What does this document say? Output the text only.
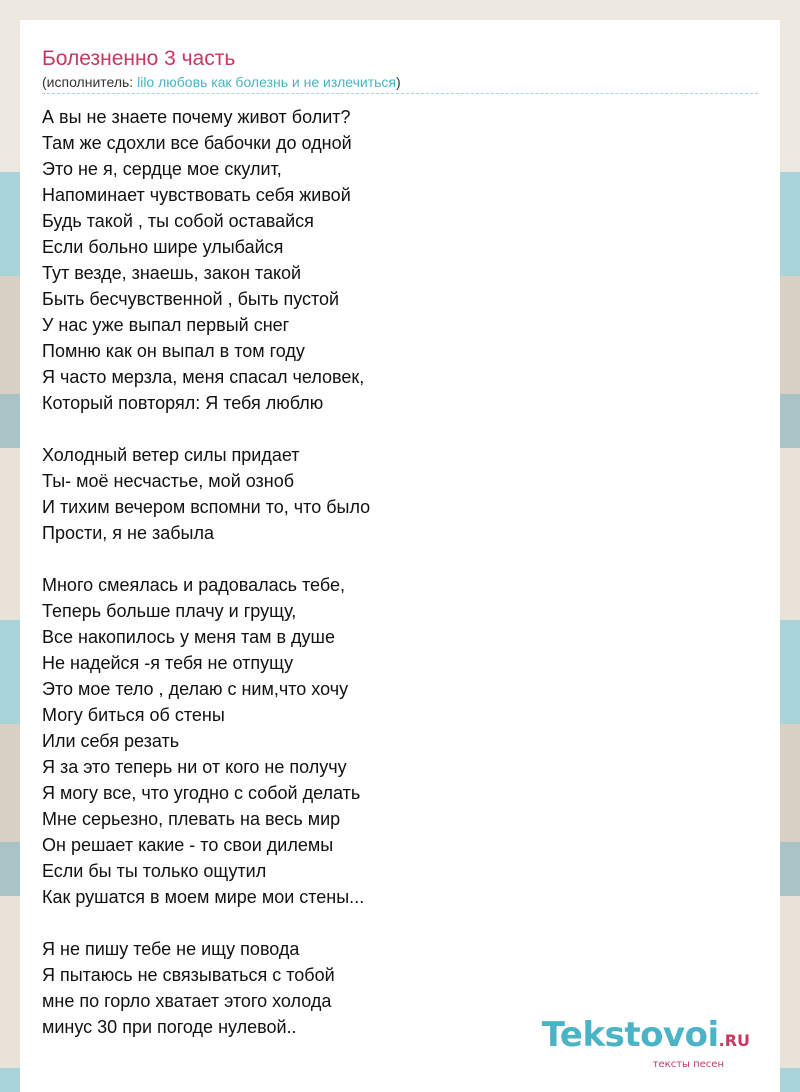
Болезненно 3 часть
(исполнитель: lilo любовь как болезнь и не излечиться)
А вы не знаете почему живот болит?
Там же сдохли все бабочки до одной
Это не я, сердце мое скулит,
Напоминает чувствовать себя живой
Будь такой , ты собой оставайся
Если больно шире улыбайся
Тут везде, знаешь, закон такой
Быть бесчувственной , быть пустой
У нас уже выпал первый снег
Помню как он выпал в том году
Я часто мерзла, меня спасал человек,
Который повторял: Я тебя люблю
Холодный ветер силы придает
Ты- моё несчастье, мой озноб
И тихим вечером вспомни то, что было
Прости, я не забыла
Много смеялась и радовалась тебе,
Теперь больше плачу и грущу,
Все накопилось у меня там в душе
Не надейся -я тебя не отпущу
Это мое тело , делаю с ним,что хочу
Могу биться об стены
Или себя резать
Я за это теперь ни от кого не получу
Я могу все, что угодно с собой делать
Мне серьезно, плевать на весь мир
Он решает какие - то свои дилемы
Если бы ты только ощутил
Как рушатся в моем мире мои стены...
Я не пишу тебе не ищу повода
Я пытаюсь не связываться с тобой
мне по горло хватает этого холода
минус 30 при погоде нулевой..	Tekstovoi.RU
тексты песен
